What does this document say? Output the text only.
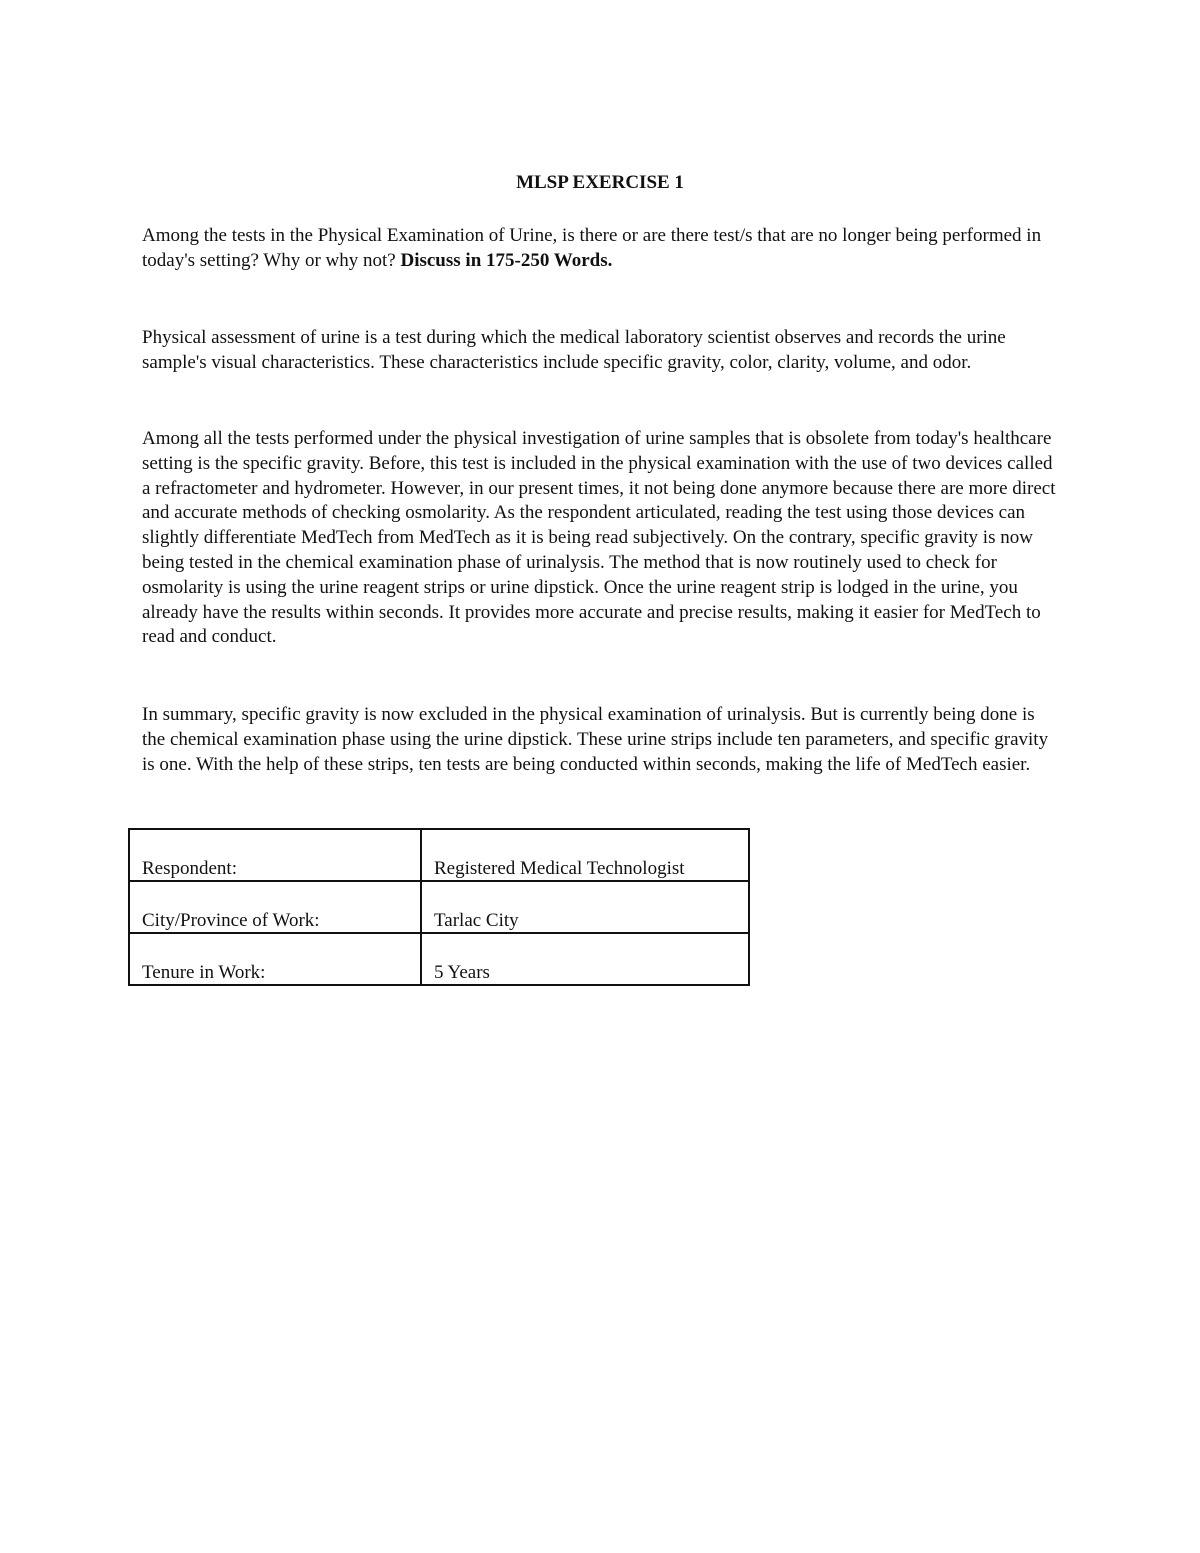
MLSP EXERCISE 1

Among the tests in the Physical Examination of Urine, is there or are there test/s that are no longer being performed in today's setting? Why or why not? Discuss in 175-250 Words.

Physical assessment of urine is a test during which the medical laboratory scientist observes and records the urine sample's visual characteristics. These characteristics include specific gravity, color, clarity, volume, and odor.

Among all the tests performed under the physical investigation of urine samples that is obsolete from today's healthcare setting is the specific gravity. Before, this test is included in the physical examination with the use of two devices called a refractometer and hydrometer. However, in our present times, it not being done anymore because there are more direct and accurate methods of checking osmolarity. As the respondent articulated, reading the test using those devices can slightly differentiate MedTech from MedTech as it is being read subjectively. On the contrary, specific gravity is now being tested in the chemical examination phase of urinalysis. The method that is now routinely used to check for osmolarity is using the urine reagent strips or urine dipstick. Once the urine reagent strip is lodged in the urine, you already have the results within seconds. It provides more accurate and precise results, making it easier for MedTech to read and conduct.

In summary, specific gravity is now excluded in the physical examination of urinalysis. But is currently being done is the chemical examination phase using the urine dipstick. These urine strips include ten parameters, and specific gravity is one. With the help of these strips, ten tests are being conducted within seconds, making the life of MedTech easier.

Respondent:	Registered Medical Technologist
City/Province of Work:	Tarlac City
Tenure in Work:	5 Years
